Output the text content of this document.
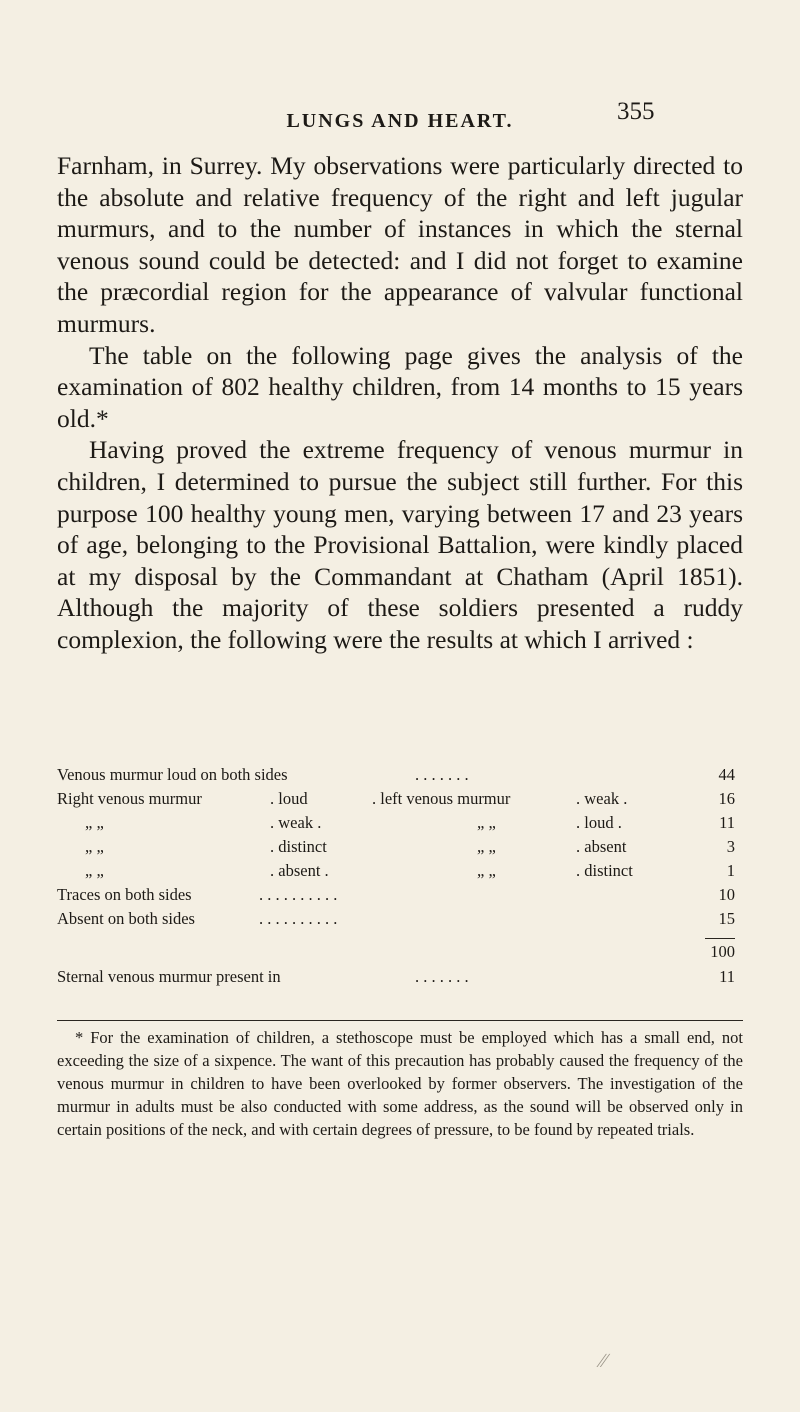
LUNGS AND HEART.	355

Farnham, in Surrey. My observations were particularly directed to the absolute and relative frequency of the right and left jugular murmurs, and to the number of instances in which the sternal venous sound could be detected: and I did not forget to examine the præcordial region for the appearance of valvular functional murmurs.

The table on the following page gives the analysis of the examination of 802 healthy children, from 14 months to 15 years old.*

Having proved the extreme frequency of venous murmur in children, I determined to pursue the subject still further. For this purpose 100 healthy young men, varying between 17 and 23 years of age, belonging to the Provisional Battalion, were kindly placed at my disposal by the Commandant at Chatham (April 1851). Although the majority of these soldiers presented a ruddy complexion, the following were the results at which I arrived :

Venous murmur loud on both sides	. . . . . . .	44
Right venous murmur	. loud	. left venous murmur	. weak .	16
„ „	. weak .	„ „	. loud .	11
„ „	. distinct	„ „	. absent	3
„ „	. absent .	„ „	. distinct	1
Traces on both sides	. . . . . . . . . .	10
Absent on both sides	. . . . . . . . . .	15
100
Sternal venous murmur present in	. . . . . . .	11
* For the examination of children, a stethoscope must be employed which has a small end, not exceeding the size of a sixpence. The want of this precaution has probably caused the frequency of the venous murmur in children to have been overlooked by former observers. The investigation of the murmur in adults must be also conducted with some address, as the sound will be observed only in certain positions of the neck, and with certain degrees of pressure, to be found by repeated trials.
∕∕
